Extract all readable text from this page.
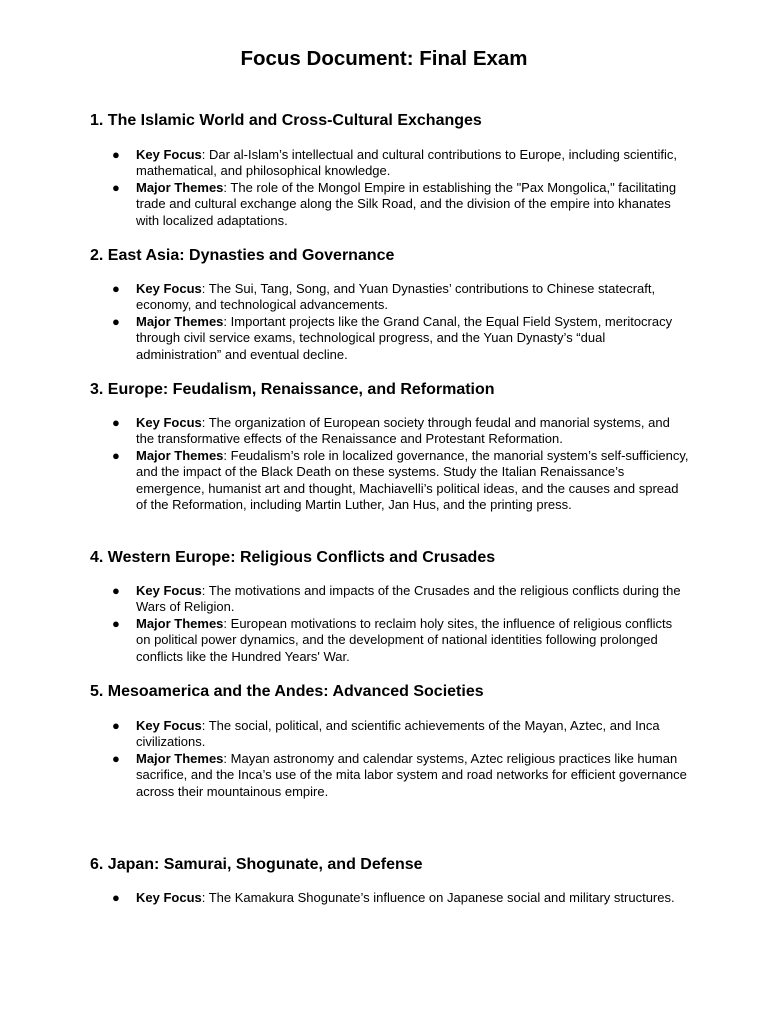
Focus Document: Final Exam
1. The Islamic World and Cross-Cultural Exchanges
● Key Focus: Dar al-Islam’s intellectual and cultural contributions to Europe, including scientific, mathematical, and philosophical knowledge.
● Major Themes: The role of the Mongol Empire in establishing the "Pax Mongolica," facilitating trade and cultural exchange along the Silk Road, and the division of the empire into khanates with localized adaptations.
2. East Asia: Dynasties and Governance
● Key Focus: The Sui, Tang, Song, and Yuan Dynasties’ contributions to Chinese statecraft, economy, and technological advancements.
● Major Themes: Important projects like the Grand Canal, the Equal Field System, meritocracy through civil service exams, technological progress, and the Yuan Dynasty’s “dual administration” and eventual decline.
3. Europe: Feudalism, Renaissance, and Reformation
● Key Focus: The organization of European society through feudal and manorial systems, and the transformative effects of the Renaissance and Protestant Reformation.
● Major Themes: Feudalism’s role in localized governance, the manorial system’s self-sufficiency, and the impact of the Black Death on these systems. Study the Italian Renaissance’s emergence, humanist art and thought, Machiavelli’s political ideas, and the causes and spread of the Reformation, including Martin Luther, Jan Hus, and the printing press.
4. Western Europe: Religious Conflicts and Crusades
● Key Focus: The motivations and impacts of the Crusades and the religious conflicts during the Wars of Religion.
● Major Themes: European motivations to reclaim holy sites, the influence of religious conflicts on political power dynamics, and the development of national identities following prolonged conflicts like the Hundred Years' War.
5. Mesoamerica and the Andes: Advanced Societies
● Key Focus: The social, political, and scientific achievements of the Mayan, Aztec, and Inca civilizations.
● Major Themes: Mayan astronomy and calendar systems, Aztec religious practices like human sacrifice, and the Inca’s use of the mita labor system and road networks for efficient governance across their mountainous empire.
6. Japan: Samurai, Shogunate, and Defense
● Key Focus: The Kamakura Shogunate’s influence on Japanese social and military structures.
